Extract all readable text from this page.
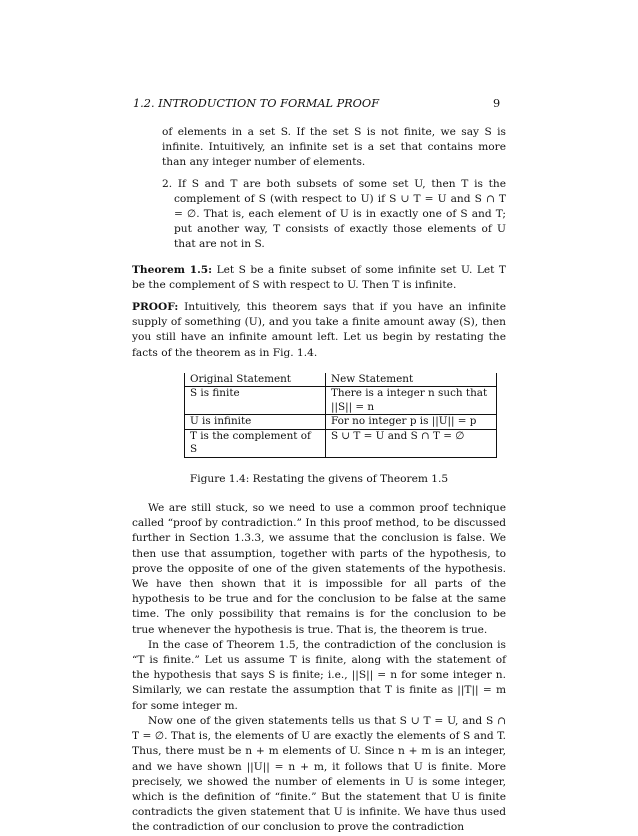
1.2. INTRODUCTION TO FORMAL PROOF	9

of elements in a set S. If the set S is not finite, we say S is infinite. Intuitively, an infinite set is a set that contains more than any integer number of elements.

2. If S and T are both subsets of some set U, then T is the complement of S (with respect to U) if S ∪ T = U and S ∩ T = ∅. That is, each element of U is in exactly one of S and T; put another way, T consists of exactly those elements of U that are not in S.

Theorem 1.5: Let S be a finite subset of some infinite set U. Let T be the complement of S with respect to U. Then T is infinite.

PROOF: Intuitively, this theorem says that if you have an infinite supply of something (U), and you take a finite amount away (S), then you still have an infinite amount left. Let us begin by restating the facts of the theorem as in Fig. 1.4.

Original Statement	New Statement
S is finite	There is a integer n such that ||S|| = n
U is infinite	For no integer p is ||U|| = p
T is the complement of S	S ∪ T = U and S ∩ T = ∅

Figure 1.4: Restating the givens of Theorem 1.5

We are still stuck, so we need to use a common proof technique called “proof by contradiction.” In this proof method, to be discussed further in Section 1.3.3, we assume that the conclusion is false. We then use that assumption, together with parts of the hypothesis, to prove the opposite of one of the given statements of the hypothesis. We have then shown that it is impossible for all parts of the hypothesis to be true and for the conclusion to be false at the same time. The only possibility that remains is for the conclusion to be true whenever the hypothesis is true. That is, the theorem is true.

In the case of Theorem 1.5, the contradiction of the conclusion is “T is finite.” Let us assume T is finite, along with the statement of the hypothesis that says S is finite; i.e., ||S|| = n for some integer n. Similarly, we can restate the assumption that T is finite as ||T|| = m for some integer m.

Now one of the given statements tells us that S ∪ T = U, and S ∩ T = ∅. That is, the elements of U are exactly the elements of S and T. Thus, there must be n + m elements of U. Since n + m is an integer, and we have shown ||U|| = n + m, it follows that U is finite. More precisely, we showed the number of elements in U is some integer, which is the definition of “finite.” But the statement that U is finite contradicts the given statement that U is infinite. We have thus used the contradiction of our conclusion to prove the contradiction
